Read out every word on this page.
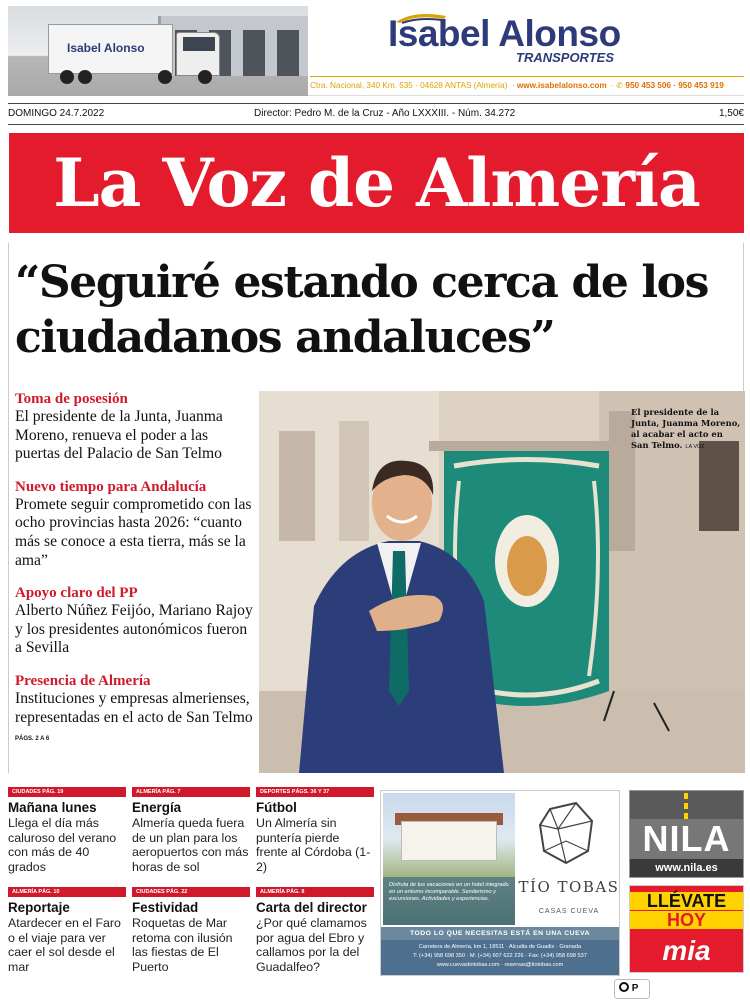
Isabel Alonso	Isabel Alonso
TRANSPORTES
Ctra. Nacional, 340 Km. 535 · 04628 ANTAS (Almería)  · www.isabelalonso.com  · ✆ 950 453 506 · 950 453 919
DOMINGO 24.7.2022	Director: Pedro M. de la Cruz - Año LXXXIII. - Núm. 34.272	1,50€
La Voz de Almería
“Seguiré estando cerca de los ciudadanos andaluces”
Toma de posesión
El presidente de la Junta, Juanma Moreno, renueva el poder a las puertas del Palacio de San Telmo
Nuevo tiempo para Andalucía
Promete seguir comprometido con las ocho provincias hasta 2026: “cuanto más se conoce a esta tierra, más se la ama”
Apoyo claro del PP
Alberto Núñez Feijóo, Mariano Rajoy y los presidentes autonómicos fueron a Sevilla
Presencia de Almería
Instituciones y empresas almerienses, representadas en el acto de San Telmo PÁGS. 2 A 6
El presidente de la Junta, Juanma Moreno, al acabar el acto en San Telmo. LA VOZ
CIUDADES PÁG. 19
Mañana lunes
Llega el día más caluroso del verano con más de 40 grados
ALMERÍA PÁG. 7
Energía
Almería queda fuera de un plan para los aeropuertos con más horas de sol
DEPORTES PÁGS. 36 Y 37
Fútbol
Un Almería sin puntería pierde frente al Córdoba (1-2)
ALMERÍA PÁG. 10
Reportaje
Atardecer en el Faro o el viaje para ver caer el sol desde el mar
CIUDADES PÁG. 22
Festividad
Roquetas de Mar retoma con ilusión las fiestas de El Puerto
ALMERÍA PÁG. 8
Carta del director
¿Por qué clamamos por agua del Ebro y callamos por la del Guadalfeo?
Disfruta de tus vacaciones en un hotel integrado en un entorno incomparable. Senderismo y excursiones. Actividades y experiencias.
TÍO TOBAS
CASAS CUEVA
TODO LO QUE NECESITAS ESTÁ EN UNA CUEVA
Carretera de Almería, km 1, 18511 · Alcudia de Guadix · Granada
T: (+34) 958 698 350 · M: (+34) 607 622 226 · Fax: (+34) 958 698 537
www.cuevastiotobas.com · reservas@tiotobas.com
NILA
www.nila.es
LLÉVATE
HOY
mia
P
